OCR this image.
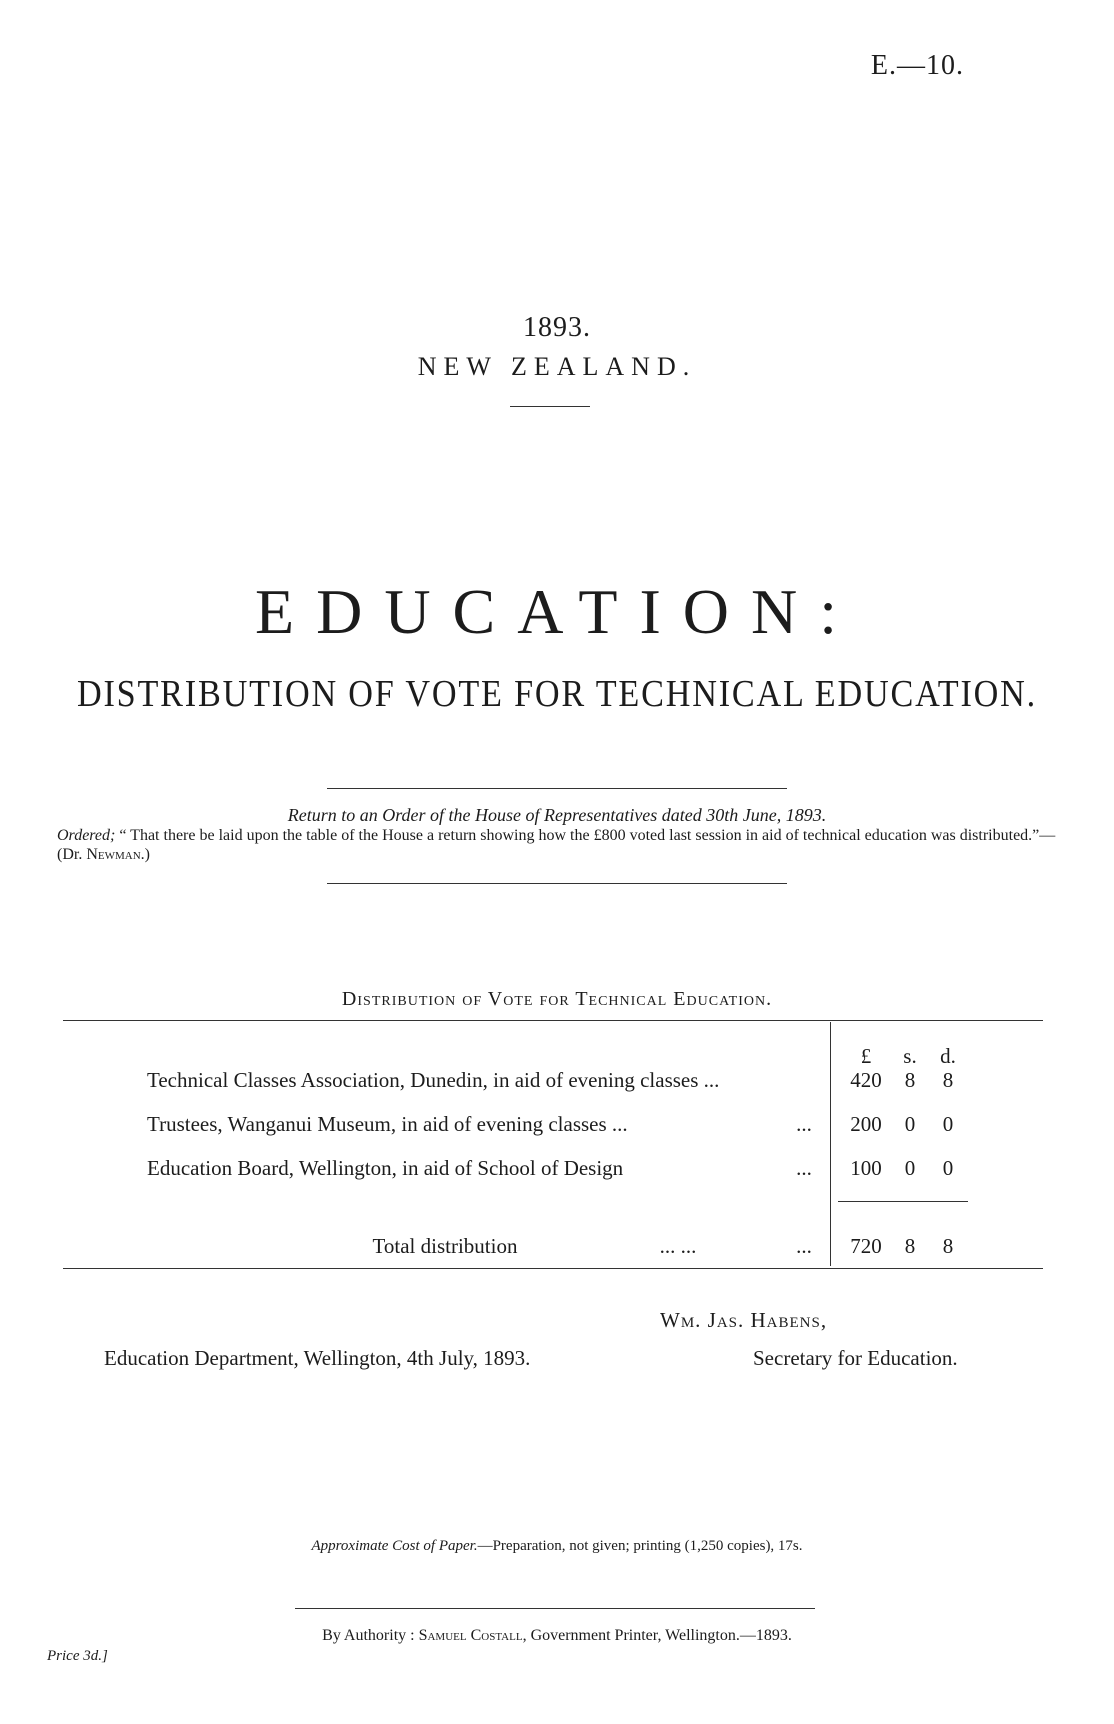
E.—10.
1893.
NEW ZEALAND.
EDUCATION:
DISTRIBUTION OF VOTE FOR TECHNICAL EDUCATION.
Return to an Order of the House of Representatives dated 30th June, 1893.
Ordered; “ That there be laid upon the table of the House a return showing how the £800 voted last session in aid of technical education was distributed.”—(Dr. Newman.)
Distribution of Vote for Technical Education.
£	s. d.
Technical Classes Association, Dunedin, in aid of evening classes ...	420	8	8
Trustees, Wanganui Museum, in aid of evening classes ...	...	200	0	0
Education Board, Wellington, in aid of School of Design	...	100	0	0
Total distribution	... ...	...	720	8	8
Wm. Jas. Habens,
Education Department, Wellington, 4th July, 1893.	Secretary for Education.
Approximate Cost of Paper.—Preparation, not given; printing (1,250 copies), 17s.
By Authority : Samuel Costall, Government Printer, Wellington.—1893.
Price 3d.]
